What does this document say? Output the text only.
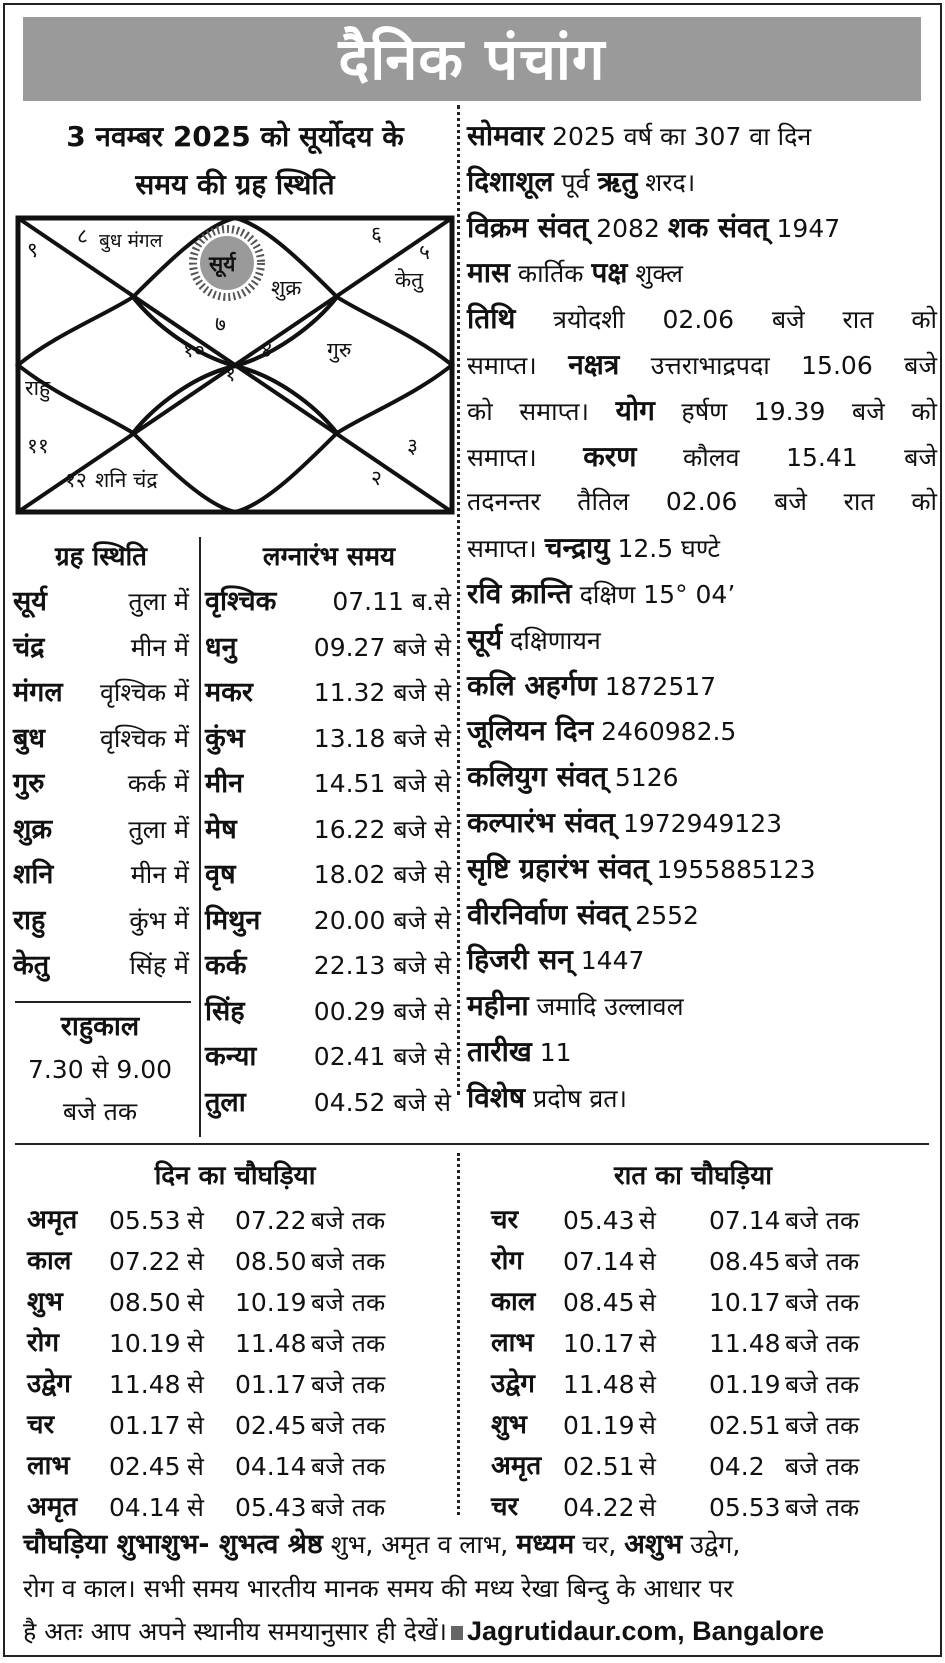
दैनिक पंचांग
3 नवम्बर 2025 को सूर्योदय के
समय की ग्रह स्थिति
सूर्य
८
९	बुध मंगल	६
५
शुक्र	केतु
७
१०	४	गुरु
१
राहु
११	३
१२ शनि चंद्र	२
ग्रह स्थिति
सूर्य	तुला में
चंद्र	मीन में
मंगल वृश्चिक में
बुध वृश्चिक में
गुरु	कर्क में
शुक्र	तुला में
शनि	मीन में
राहु	कुंभ में
केतु	सिंह में
राहुकाल
7.30 से 9.00
बजे तक
लग्नारंभ समय
वृश्चिक 07.11 ब.से
धनु	09.27 बजे से
मकर 11.32 बजे से
कुंभ	13.18 बजे से
मीन	14.51 बजे से
मेष	16.22 बजे से
वृष	18.02 बजे से
मिथुन 20.00 बजे से
कर्क	22.13 बजे से
सिंह	00.29 बजे से
कन्या 02.41 बजे से
तुला	04.52 बजे से
सोमवार 2025 वर्ष का 307 वा दिन
दिशाशूल पूर्व ऋतु शरद।
विक्रम संवत् 2082 शक संवत् 1947
मास कार्तिक पक्ष शुक्ल
तिथि त्रयोदशी 02.06 बजे रात को
समाप्त। नक्षत्र उत्तराभाद्रपदा 15.06 बजे
को समाप्त। योग हर्षण 19.39 बजे को
समाप्त। करण कौलव 15.41 बजे
तदनन्तर तैतिल 02.06 बजे रात को
समाप्त। चन्द्रायु 12.5 घण्टे
रवि क्रान्ति दक्षिण 15° 04’
सूर्य दक्षिणायन
कलि अहर्गण 1872517
जूलियन दिन 2460982.5
कलियुग संवत् 5126
कल्पारंभ संवत् 1972949123
सृष्टि ग्रहारंभ संवत् 1955885123
वीरनिर्वाण संवत् 2552
हिजरी सन् 1447
महीना जमादि उल्लावल
तारीख 11
विशेष प्रदोष व्रत।
दिन का चौघड़िया	रात का चौघड़िया
अमृत 05.53 से 07.22 बजे तक
काल 07.22 से 08.50 बजे तक
शुभ 08.50 से 10.19 बजे तक
रोग 10.19 से 11.48 बजे तक
उद्वेग 11.48 से 01.17 बजे तक
चर 01.17 से 02.45 बजे तक
लाभ 02.45 से 04.14 बजे तक
अमृत 04.14 से 05.43 बजे तक
चर 05.43 से 07.14 बजे तक
रोग 07.14 से 08.45 बजे तक
काल 08.45 से 10.17 बजे तक
लाभ 10.17 से 11.48 बजे तक
उद्वेग 11.48 से 01.19 बजे तक
शुभ 01.19 से 02.51 बजे तक
अमृत 02.51 से 04.2 बजे तक
चर 04.22 से 05.53 बजे तक
चौघड़िया शुभाशुभ- शुभत्व श्रेष्ठ शुभ, अमृत व लाभ, मध्यम चर, अशुभ उद्वेग,
रोग व काल। सभी समय भारतीय मानक समय की मध्य रेखा बिन्दु के आधार पर
है अतः आप अपने स्थानीय समयानुसार ही देखें। Jagrutidaur.com, Bangalore
